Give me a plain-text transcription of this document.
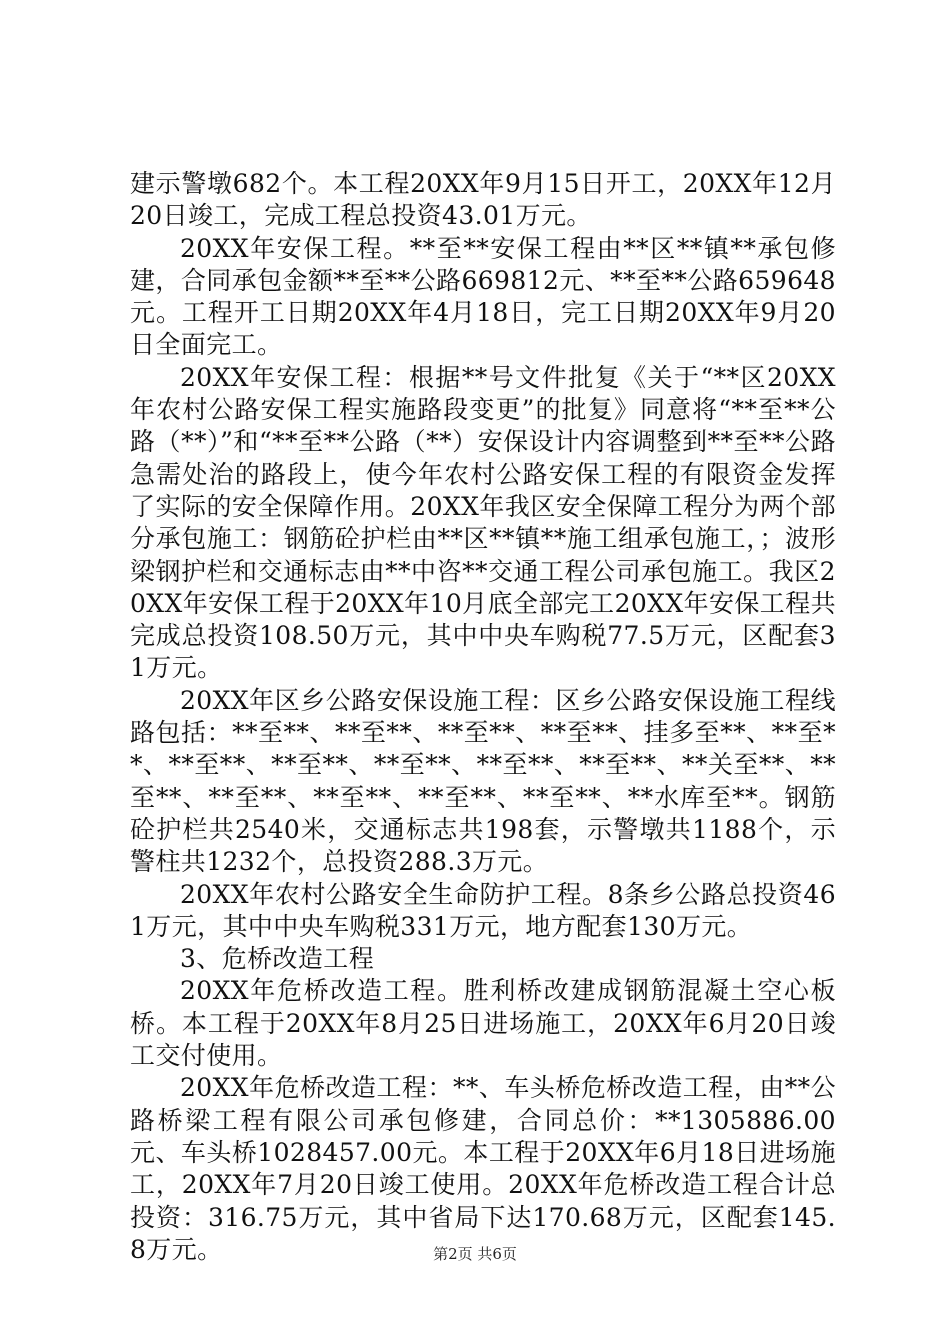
建示警墩682个。本工程20XX年9月15日开工，20XX年12月20日竣工，完成工程总投资43.01万元。

20XX年安保工程。**至**安保工程由**区**镇**承包修建，合同承包金额**至**公路669812元、**至**公路659648元。工程开工日期20XX年4月18日，完工日期20XX年9月20日全面完工。

20XX年安保工程：根据**号文件批复《关于“**区20XX年农村公路安保工程实施路段变更”的批复》同意将“**至**公路（**）”和“**至**公路（**）安保设计内容调整到**至**公路急需处治的路段上，使今年农村公路安保工程的有限资金发挥了实际的安全保障作用。20XX年我区安全保障工程分为两个部分承包施工：钢筋砼护栏由**区**镇**施工组承包施工，；波形梁钢护栏和交通标志由**中咨**交通工程公司承包施工。我区20XX年安保工程于20XX年10月底全部完工20XX年安保工程共完成总投资108.50万元，其中中央车购税77.5万元，区配套31万元。

20XX年区乡公路安保设施工程：区乡公路安保设施工程线路包括：**至**、**至**、**至**、**至**、挂多至**、**至**、**至**、**至**、**至**、**至**、**至**、**关至**、**至**、**至**、**至**、**至**、**至**、**水库至**。钢筋砼护栏共2540米，交通标志共198套，示警墩共1188个，示警柱共1232个，总投资288.3万元。

20XX年农村公路安全生命防护工程。8条乡公路总投资461万元，其中中央车购税331万元，地方配套130万元。

3、危桥改造工程

20XX年危桥改造工程。胜利桥改建成钢筋混凝土空心板桥。本工程于20XX年8月25日进场施工，20XX年6月20日竣工交付使用。

20XX年危桥改造工程：**、车头桥危桥改造工程，由**公路桥梁工程有限公司承包修建，合同总价：**1305886.00元、车头桥1028457.00元。本工程于20XX年6月18日进场施工，20XX年7月20日竣工使用。20XX年危桥改造工程合计总投资：316.75万元，其中省局下达170.68万元，区配套145.8万元。	第2页 共6页
